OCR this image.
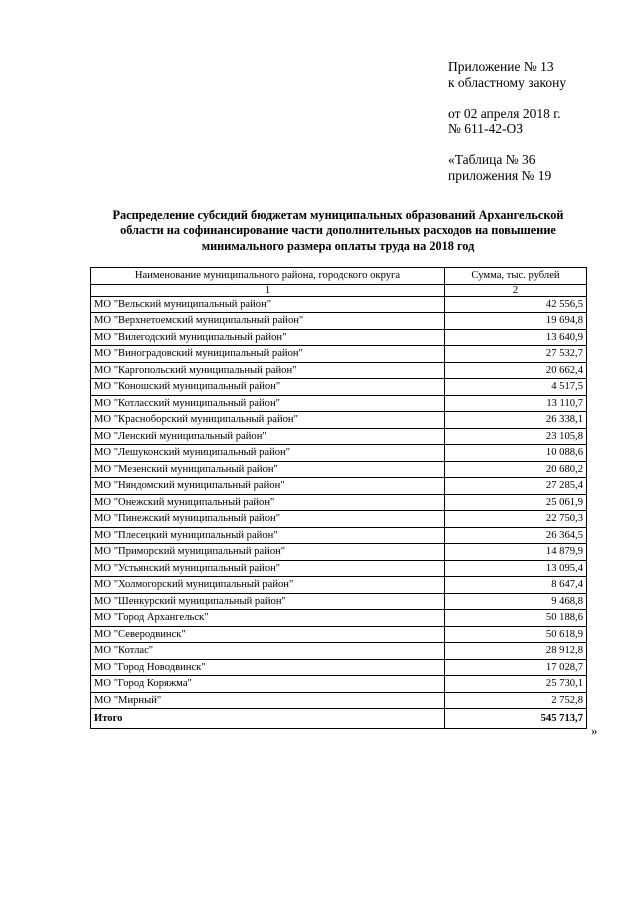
Приложение № 13
к областному закону
от 02 апреля 2018 г.
№ 611-42-ОЗ
«Таблица № 36
приложения № 19
Распределение субсидий бюджетам муниципальных образований Архангельской области на софинансирование части дополнительных расходов на повышение минимального размера оплаты труда на 2018 год
Наименование муниципального района, городского округа	Сумма, тыс. рублей
1	2
МО "Вельский муниципальный район"	42 556,5
МО "Верхнетоемский муниципальный район"	19 694,8
МО "Вилегодский муниципальный район"	13 640,9
МО "Виноградовский муниципальный район"	27 532,7
МО "Каргопольский муниципальный район"	20 662,4
МО "Коношский муниципальный район"	4 517,5
МО "Котласский муниципальный район"	13 110,7
МО "Красноборский муниципальный район"	26 338,1
МО "Ленский муниципальный район"	23 105,8
МО "Лешуконский муниципальный район"	10 088,6
МО "Мезенский муниципальный район"	20 680,2
МО "Няндомский муниципальный район"	27 285,4
МО "Онежский муниципальный район"	25 061,9
МО "Пинежский муниципальный район"	22 750,3
МО "Плесецкий муниципальный район"	26 364,5
МО "Приморский муниципальный район"	14 879,9
МО "Устьянский муниципальный район"	13 095,4
МО "Холмогорский муниципальный район"	8 647,4
МО "Шенкурский муниципальный район"	9 468,8
МО "Город Архангельск"	50 188,6
МО "Северодвинск"	50 618,9
МО "Котлас"	28 912,8
МО "Город Новодвинск"	17 028,7
МО "Город Коряжма"	25 730,1
МО "Мирный"	2 752,8
Итого	545 713,7
»
